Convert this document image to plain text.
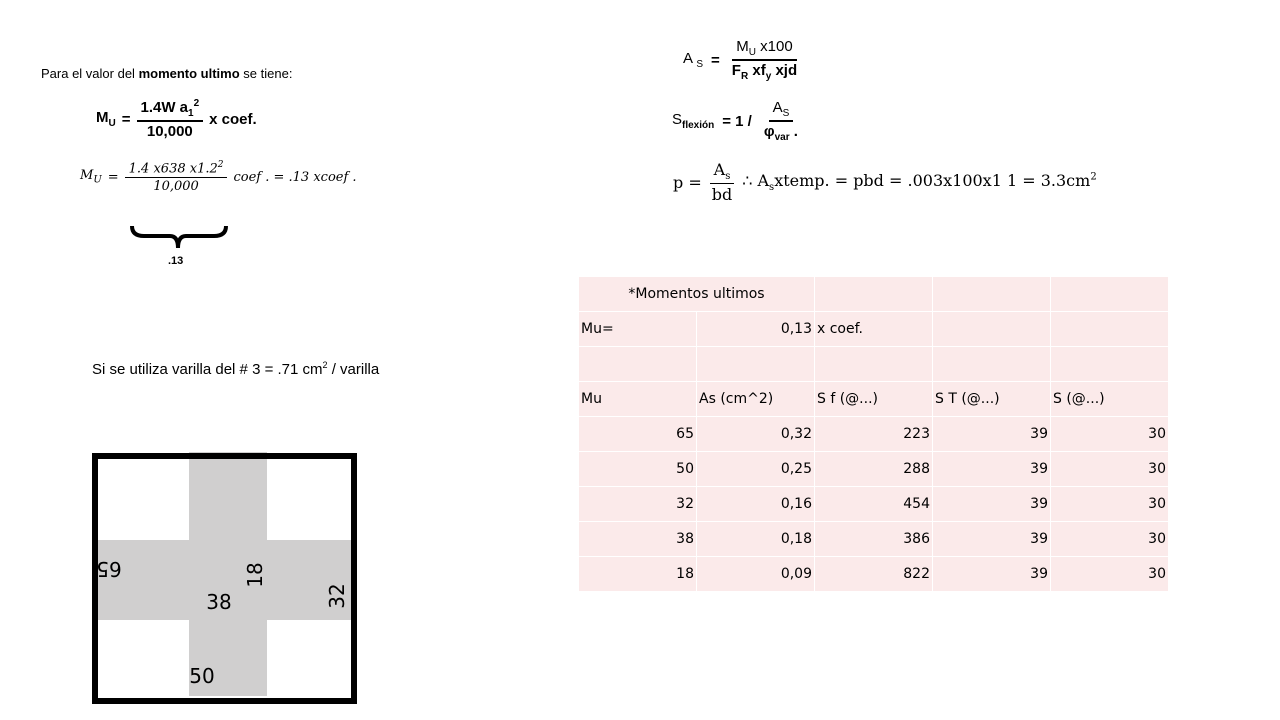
Para el valor del momento ultimo se tiene:
$M_U = \frac{1.4W a_1^2}{10,000}$ x coef.
$M_U = \frac{1.4 x638 x1.2^2}{10,000}$ coef . = .13 xcoef .
.13
Si se utiliza varilla del # 3 = .71 $cm^2$ / varilla
A $_S = \frac{M_U x100}{F_R xf_y xjd}$
$S_{flexión} = 1 / \frac{A_S}{\varphi_{var} .}$
$p = \frac{A_s}{bd}$ ∴ $A_sxtemp$. = pbd = .003x100x1 $1 = 3.3cm^2$
*Momentos ultimos				
Mu=	0,13	x coef.		

Mu	As (cm^2)	S f (@...)	S T (@...)	S (@...)
65	0,32	223	39	30
50	0,25	288	39	30
32	0,16	454	39	30
38	0,18	386	39	30
18	0,09	822	39	30
65	18
38	32
50
